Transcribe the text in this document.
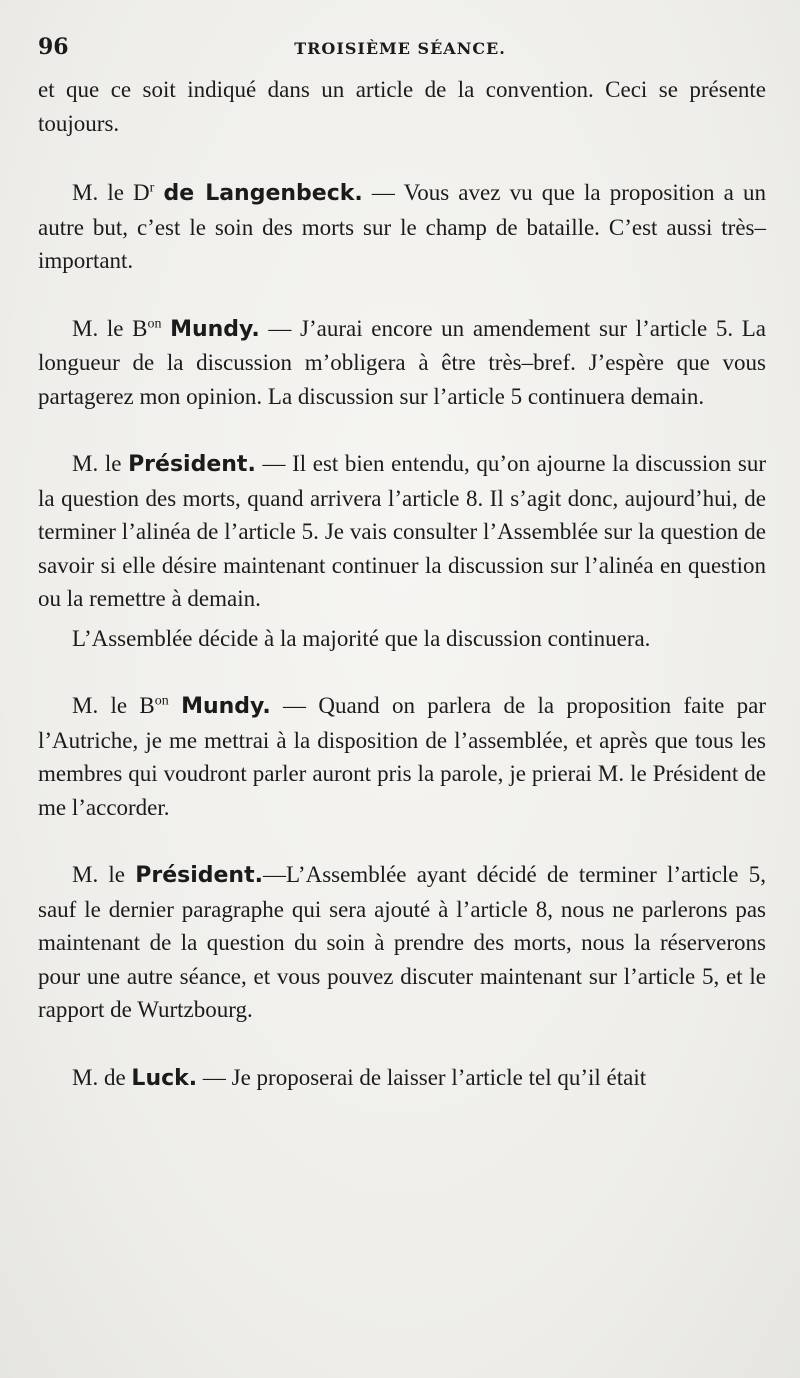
96	TROISIÈME SÉANCE.

et que ce soit indiqué dans un article de la convention. Ceci se présente toujours.

M. le $D^r$ de Langenbeck. — Vous avez vu que la proposition a un autre but, c’est le soin des morts sur le champ de bataille. C’est aussi très–important.

M. le $B^{on}$ Mundy. — J’aurai encore un amendement sur l’article 5. La longueur de la discussion m’obligera à être très–bref. J’espère que vous partagerez mon opinion. La discussion sur l’article 5 continuera demain.

M. le Président. — Il est bien entendu, qu’on ajourne la discussion sur la question des morts, quand arrivera l’article 8. Il s’agit donc, aujourd’hui, de terminer l’alinéa de l’article 5. Je vais consulter l’Assemblée sur la question de savoir si elle désire maintenant continuer la discussion sur l’alinéa en question ou la remettre à demain.

L’Assemblée décide à la majorité que la discussion continuera.

M. le $B^{on}$ Mundy. — Quand on parlera de la proposition faite par l’Autriche, je me mettrai à la disposition de l’assemblée, et après que tous les membres qui voudront parler auront pris la parole, je prierai M. le Président de me l’accorder.

M. le Président.—L’Assemblée ayant décidé de terminer l’article 5, sauf le dernier paragraphe qui sera ajouté à l’article 8, nous ne parlerons pas maintenant de la question du soin à prendre des morts, nous la réserverons pour une autre séance, et vous pouvez discuter maintenant sur l’article 5, et le rapport de Wurtzbourg.

M. de Luck. — Je proposerai de laisser l’article tel qu’il était
